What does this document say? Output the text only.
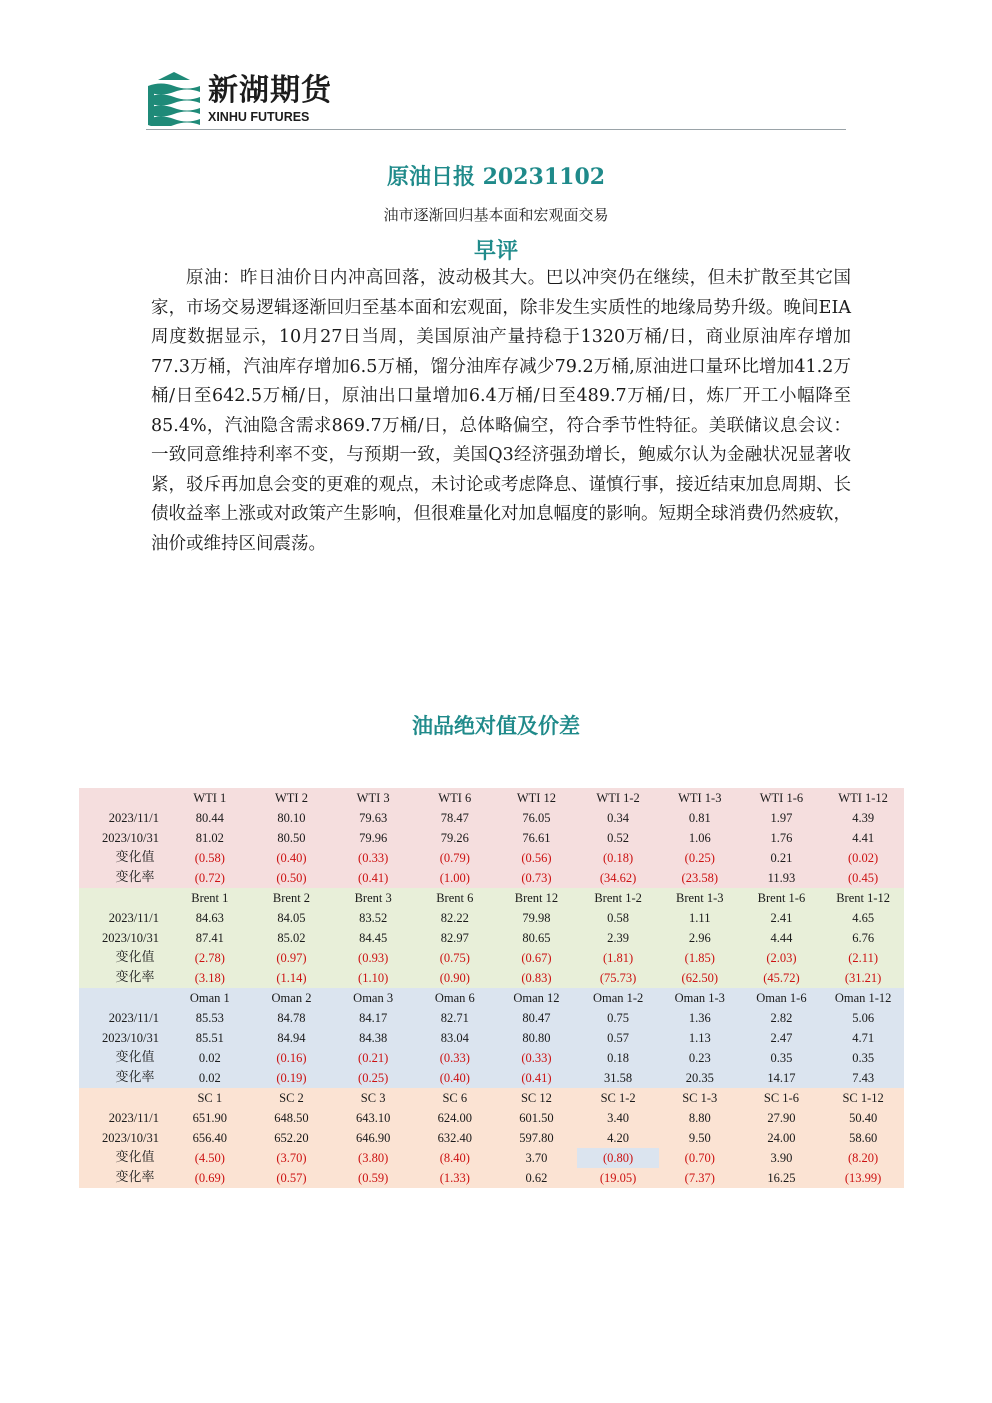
新湖期货
XINHU FUTURES
原油日报 20231102
油市逐渐回归基本面和宏观面交易
早评

原油：昨日油价日内冲高回落，波动极其大。巴以冲突仍在继续，但未扩散至其它国家，市场交易逻辑逐渐回归至基本面和宏观面，除非发生实质性的地缘局势升级。晚间EIA周度数据显示，10月27日当周，美国原油产量持稳于1320万桶/日，商业原油库存增加77.3万桶，汽油库存增加6.5万桶，馏分油库存减少79.2万桶,原油进口量环比增加41.2万桶/日至642.5万桶/日，原油出口量增加6.4万桶/日至489.7万桶/日，炼厂开工小幅降至85.4%，汽油隐含需求869.7万桶/日，总体略偏空，符合季节性特征。美联储议息会议：一致同意维持利率不变，与预期一致，美国Q3经济强劲增长，鲍威尔认为金融状况显著收紧，驳斥再加息会变的更难的观点，未讨论或考虑降息、谨慎行事，接近结束加息周期、长债收益率上涨或对政策产生影响，但很难量化对加息幅度的影响。短期全球消费仍然疲软，油价或维持区间震荡。

油品绝对值及价差
	WTI 1	WTI 2	WTI 3	WTI 6	WTI 12	WTI 1-2	WTI 1-3	WTI 1-6	WTI 1-12
2023/11/1	80.44	80.10	79.63	78.47	76.05	0.34	0.81	1.97	4.39
2023/10/31	81.02	80.50	79.96	79.26	76.61	0.52	1.06	1.76	4.41
变化值	(0.58)	(0.40)	(0.33)	(0.79)	(0.56)	(0.18)	(0.25)	0.21	(0.02)
变化率	(0.72)	(0.50)	(0.41)	(1.00)	(0.73)	(34.62)	(23.58)	11.93	(0.45)
	Brent 1	Brent 2	Brent 3	Brent 6	Brent 12	Brent 1-2	Brent 1-3	Brent 1-6	Brent 1-12
2023/11/1	84.63	84.05	83.52	82.22	79.98	0.58	1.11	2.41	4.65
2023/10/31	87.41	85.02	84.45	82.97	80.65	2.39	2.96	4.44	6.76
变化值	(2.78)	(0.97)	(0.93)	(0.75)	(0.67)	(1.81)	(1.85)	(2.03)	(2.11)
变化率	(3.18)	(1.14)	(1.10)	(0.90)	(0.83)	(75.73)	(62.50)	(45.72)	(31.21)
	Oman 1	Oman 2	Oman 3	Oman 6	Oman 12	Oman 1-2	Oman 1-3	Oman 1-6	Oman 1-12
2023/11/1	85.53	84.78	84.17	82.71	80.47	0.75	1.36	2.82	5.06
2023/10/31	85.51	84.94	84.38	83.04	80.80	0.57	1.13	2.47	4.71
变化值	0.02	(0.16)	(0.21)	(0.33)	(0.33)	0.18	0.23	0.35	0.35
变化率	0.02	(0.19)	(0.25)	(0.40)	(0.41)	31.58	20.35	14.17	7.43
	SC 1	SC 2	SC 3	SC 6	SC 12	SC 1-2	SC 1-3	SC 1-6	SC 1-12
2023/11/1	651.90	648.50	643.10	624.00	601.50	3.40	8.80	27.90	50.40
2023/10/31	656.40	652.20	646.90	632.40	597.80	4.20	9.50	24.00	58.60
变化值	(4.50)	(3.70)	(3.80)	(8.40)	3.70	(0.80)	(0.70)	3.90	(8.20)
变化率	(0.69)	(0.57)	(0.59)	(1.33)	0.62	(19.05)	(7.37)	16.25	(13.99)
